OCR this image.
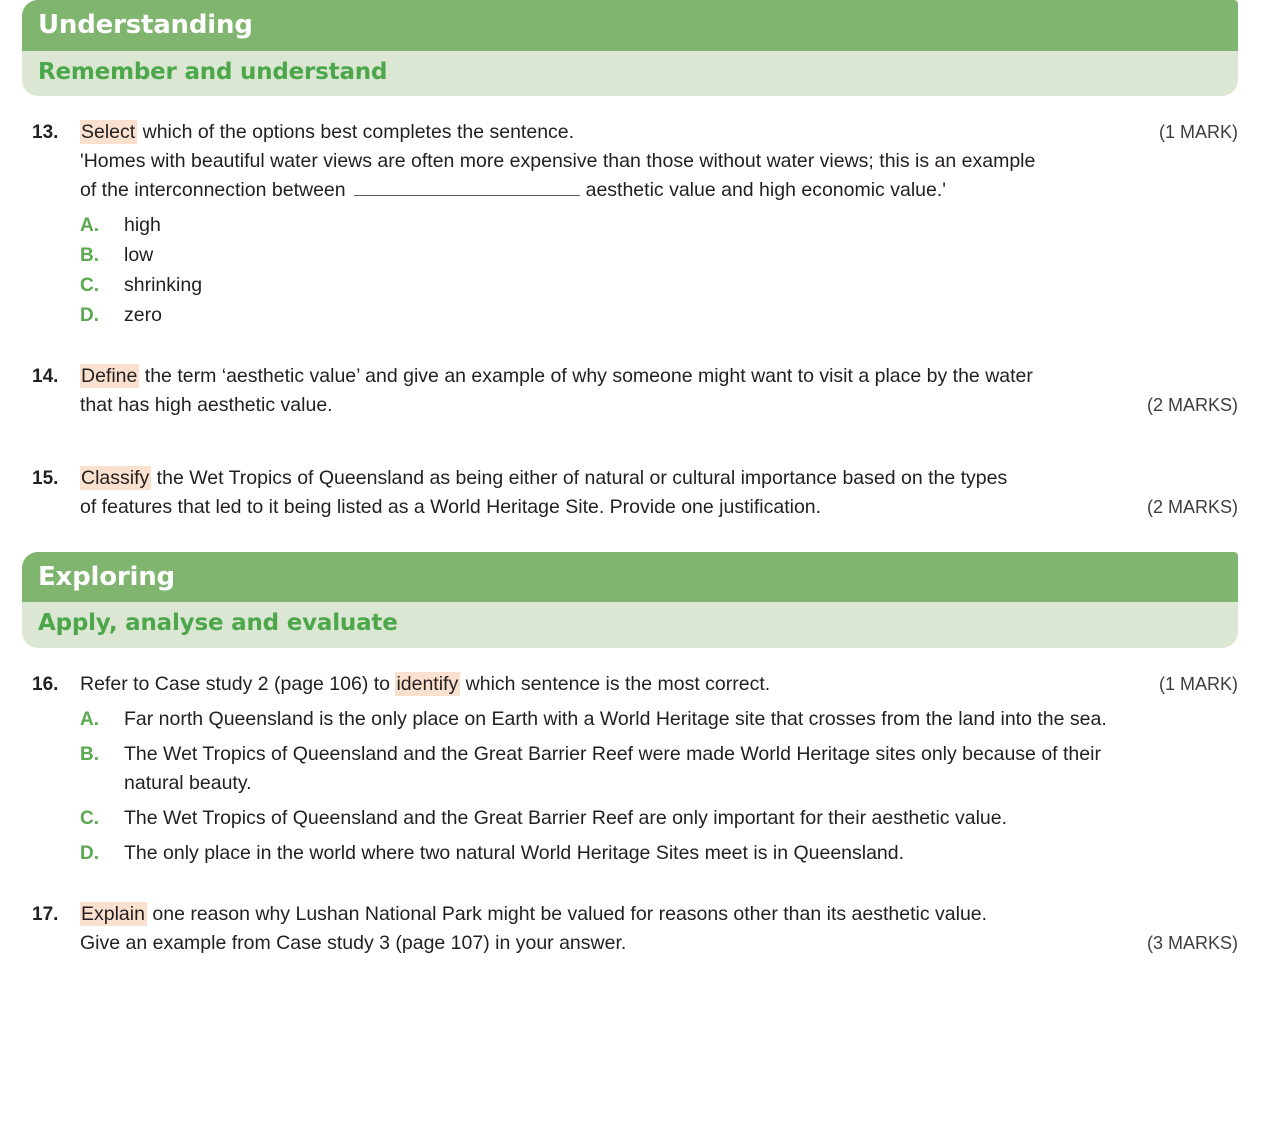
Understanding
Remember and understand
13.	Select which of the options best completes the sentence.	(1 MARK)
'Homes with beautiful water views are often more expensive than those without water views; this is an example
of the interconnection between	aesthetic value and high economic value.'
A.	high
B.	low
C.	shrinking
D.	zero
14.	Define the term ‘aesthetic value’ and give an example of why someone might want to visit a place by the water
that has high aesthetic value.	(2 MARKS)
15.	Classify the Wet Tropics of Queensland as being either of natural or cultural importance based on the types
of features that led to it being listed as a World Heritage Site. Provide one justification.	(2 MARKS)
Exploring
Apply, analyse and evaluate
16.	Refer to Case study 2 (page 106) to identify which sentence is the most correct.	(1 MARK)
A.	Far north Queensland is the only place on Earth with a World Heritage site that crosses from the land into the sea.
B.	The Wet Tropics of Queensland and the Great Barrier Reef were made World Heritage sites only because of their natural beauty.
C.	The Wet Tropics of Queensland and the Great Barrier Reef are only important for their aesthetic value.
D.	The only place in the world where two natural World Heritage Sites meet is in Queensland.
17.	Explain one reason why Lushan National Park might be valued for reasons other than its aesthetic value.
Give an example from Case study 3 (page 107) in your answer.	(3 MARKS)
